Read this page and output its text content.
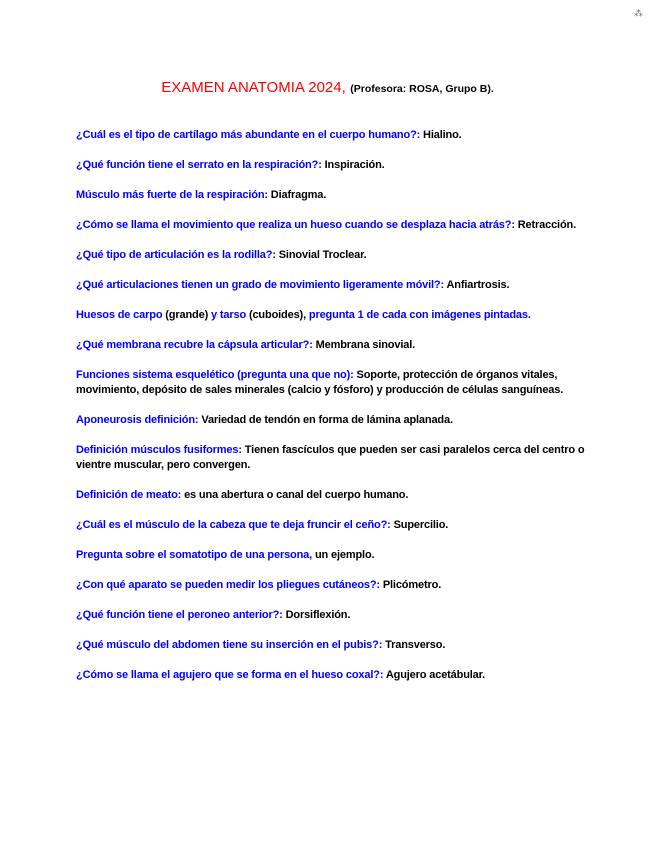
⁂
EXAMEN ANATOMIA 2024, (Profesora: ROSA, Grupo B).
¿Cuál es el tipo de cartílago más abundante en el cuerpo humano?: Hialino.
¿Qué función tiene el serrato en la respiración?: Inspiración.
Músculo más fuerte de la respiración: Diafragma.
¿Cómo se llama el movimiento que realiza un hueso cuando se desplaza hacia atrás?: Retracción.
¿Qué tipo de articulación es la rodilla?: Sinovial Troclear.
¿Qué articulaciones tienen un grado de movimiento ligeramente móvil?: Anfiartrosis.
Huesos de carpo (grande) y tarso (cuboides), pregunta 1 de cada con imágenes pintadas.
¿Qué membrana recubre la cápsula articular?: Membrana sinovial.
Funciones sistema esquelético (pregunta una que no): Soporte, protección de órganos vitales, movimiento, depósito de sales minerales (calcio y fósforo) y producción de células sanguíneas.
Aponeurosis definición: Variedad de tendón en forma de lámina aplanada.
Definición músculos fusiformes: Tienen fascículos que pueden ser casi paralelos cerca del centro o vientre muscular, pero convergen.
Definición de meato: es una abertura o canal del cuerpo humano.
¿Cuál es el músculo de la cabeza que te deja fruncir el ceño?: Supercilio.
Pregunta sobre el somatotipo de una persona, un ejemplo.
¿Con qué aparato se pueden medir los pliegues cutáneos?: Plicómetro.
¿Qué función tiene el peroneo anterior?: Dorsiflexión.
¿Qué músculo del abdomen tiene su inserción en el pubis?: Transverso.
¿Cómo se llama el agujero que se forma en el hueso coxal?: Agujero acetábular.
